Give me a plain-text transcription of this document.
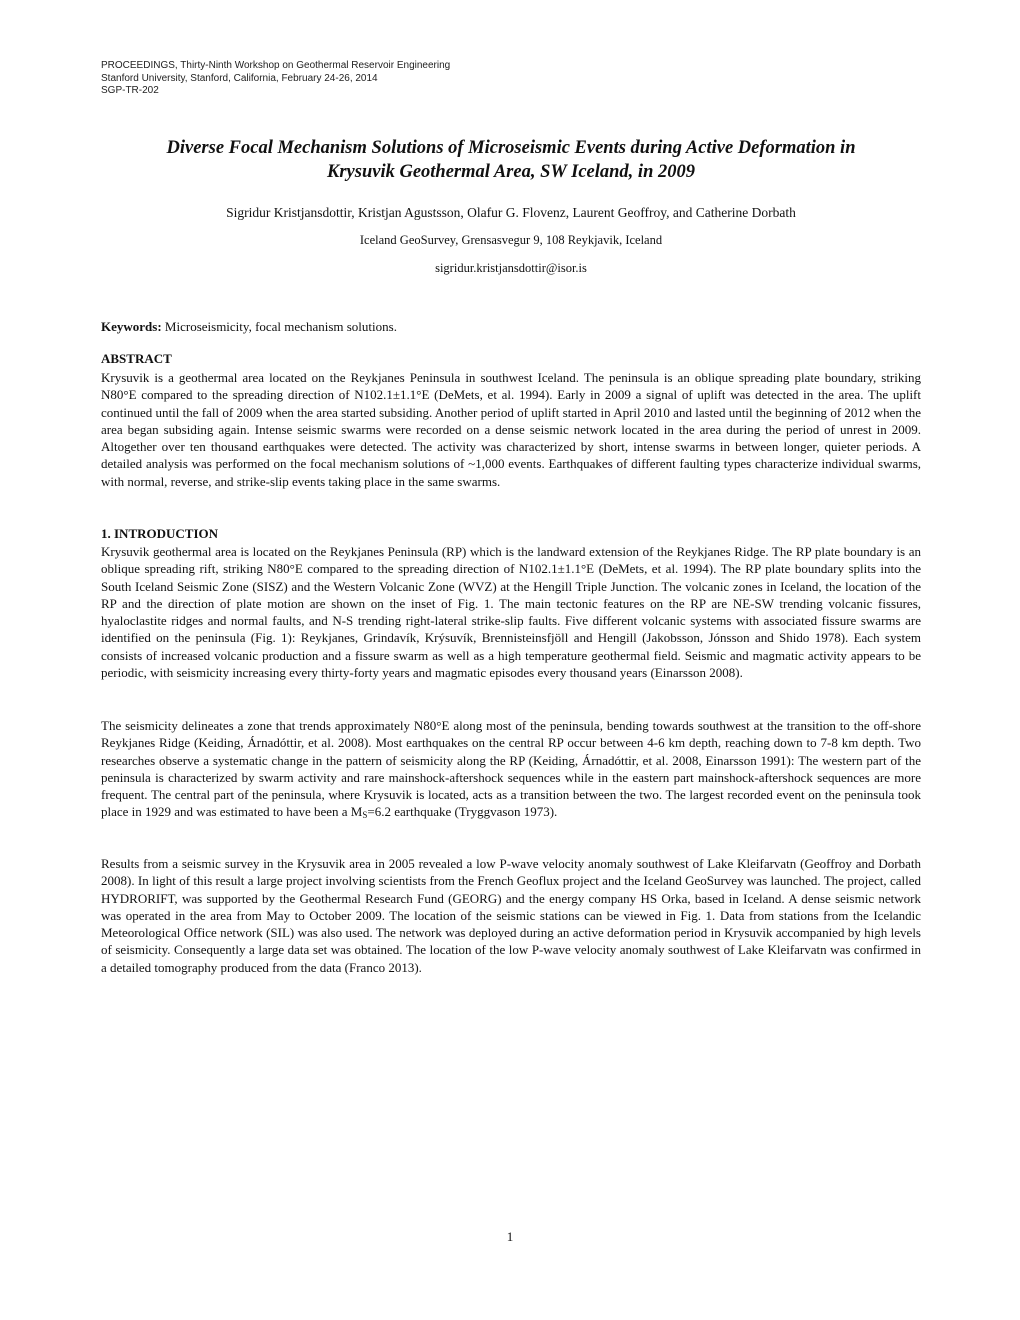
PROCEEDINGS, Thirty-Ninth Workshop on Geothermal Reservoir Engineering
Stanford University, Stanford, California, February 24-26, 2014
SGP-TR-202
Diverse Focal Mechanism Solutions of Microseismic Events during Active Deformation in
Krysuvik Geothermal Area, SW Iceland, in 2009
Sigridur Kristjansdottir, Kristjan Agustsson, Olafur G. Flovenz, Laurent Geoffroy, and Catherine Dorbath
Iceland GeoSurvey, Grensasvegur 9, 108 Reykjavik, Iceland
sigridur.kristjansdottir@isor.is
Keywords: Microseismicity, focal mechanism solutions.
ABSTRACT
Krysuvik is a geothermal area located on the Reykjanes Peninsula in southwest Iceland. The peninsula is an oblique spreading plate boundary, striking N80°E compared to the spreading direction of N102.1±1.1°E (DeMets, et al. 1994). Early in 2009 a signal of uplift was detected in the area. The uplift continued until the fall of 2009 when the area started subsiding. Another period of uplift started in April 2010 and lasted until the beginning of 2012 when the area began subsiding again. Intense seismic swarms were recorded on a dense seismic network located in the area during the period of unrest in 2009. Altogether over ten thousand earthquakes were detected. The activity was characterized by short, intense swarms in between longer, quieter periods. A detailed analysis was performed on the focal mechanism solutions of ~1,000 events. Earthquakes of different faulting types characterize individual swarms, with normal, reverse, and strike-slip events taking place in the same swarms.
1. INTRODUCTION
Krysuvik geothermal area is located on the Reykjanes Peninsula (RP) which is the landward extension of the Reykjanes Ridge. The RP plate boundary is an oblique spreading rift, striking N80°E compared to the spreading direction of N102.1±1.1°E (DeMets, et al. 1994). The RP plate boundary splits into the South Iceland Seismic Zone (SISZ) and the Western Volcanic Zone (WVZ) at the Hengill Triple Junction. The volcanic zones in Iceland, the location of the RP and the direction of plate motion are shown on the inset of Fig. 1. The main tectonic features on the RP are NE-SW trending volcanic fissures, hyaloclastite ridges and normal faults, and N-S trending right-lateral strike-slip faults. Five different volcanic systems with associated fissure swarms are identified on the peninsula (Fig. 1): Reykjanes, Grindavík, Krýsuvík, Brennisteinsfjöll and Hengill (Jakobsson, Jónsson and Shido 1978). Each system consists of increased volcanic production and a fissure swarm as well as a high temperature geothermal field. Seismic and magmatic activity appears to be periodic, with seismicity increasing every thirty-forty years and magmatic episodes every thousand years (Einarsson 2008).
The seismicity delineates a zone that trends approximately N80°E along most of the peninsula, bending towards southwest at the transition to the off-shore Reykjanes Ridge (Keiding, Árnadóttir, et al. 2008). Most earthquakes on the central RP occur between 4-6 km depth, reaching down to 7-8 km depth. Two researches observe a systematic change in the pattern of seismicity along the RP (Keiding, Árnadóttir, et al. 2008, Einarsson 1991): The western part of the peninsula is characterized by swarm activity and rare mainshock-aftershock sequences while in the eastern part mainshock-aftershock sequences are more frequent. The central part of the peninsula, where Krysuvik is located, acts as a transition between the two. The largest recorded event on the peninsula took place in 1929 and was estimated to have been a $M_S=6.2$ earthquake (Tryggvason 1973).
Results from a seismic survey in the Krysuvik area in 2005 revealed a low P-wave velocity anomaly southwest of Lake Kleifarvatn (Geoffroy and Dorbath 2008). In light of this result a large project involving scientists from the French Geoflux project and the Iceland GeoSurvey was launched. The project, called HYDRORIFT, was supported by the Geothermal Research Fund (GEORG) and the energy company HS Orka, based in Iceland. A dense seismic network was operated in the area from May to October 2009. The location of the seismic stations can be viewed in Fig. 1. Data from stations from the Icelandic Meteorological Office network (SIL) was also used. The network was deployed during an active deformation period in Krysuvik accompanied by high levels of seismicity. Consequently a large data set was obtained. The location of the low P-wave velocity anomaly southwest of Lake Kleifarvatn was confirmed in a detailed tomography produced from the data (Franco 2013).
1
